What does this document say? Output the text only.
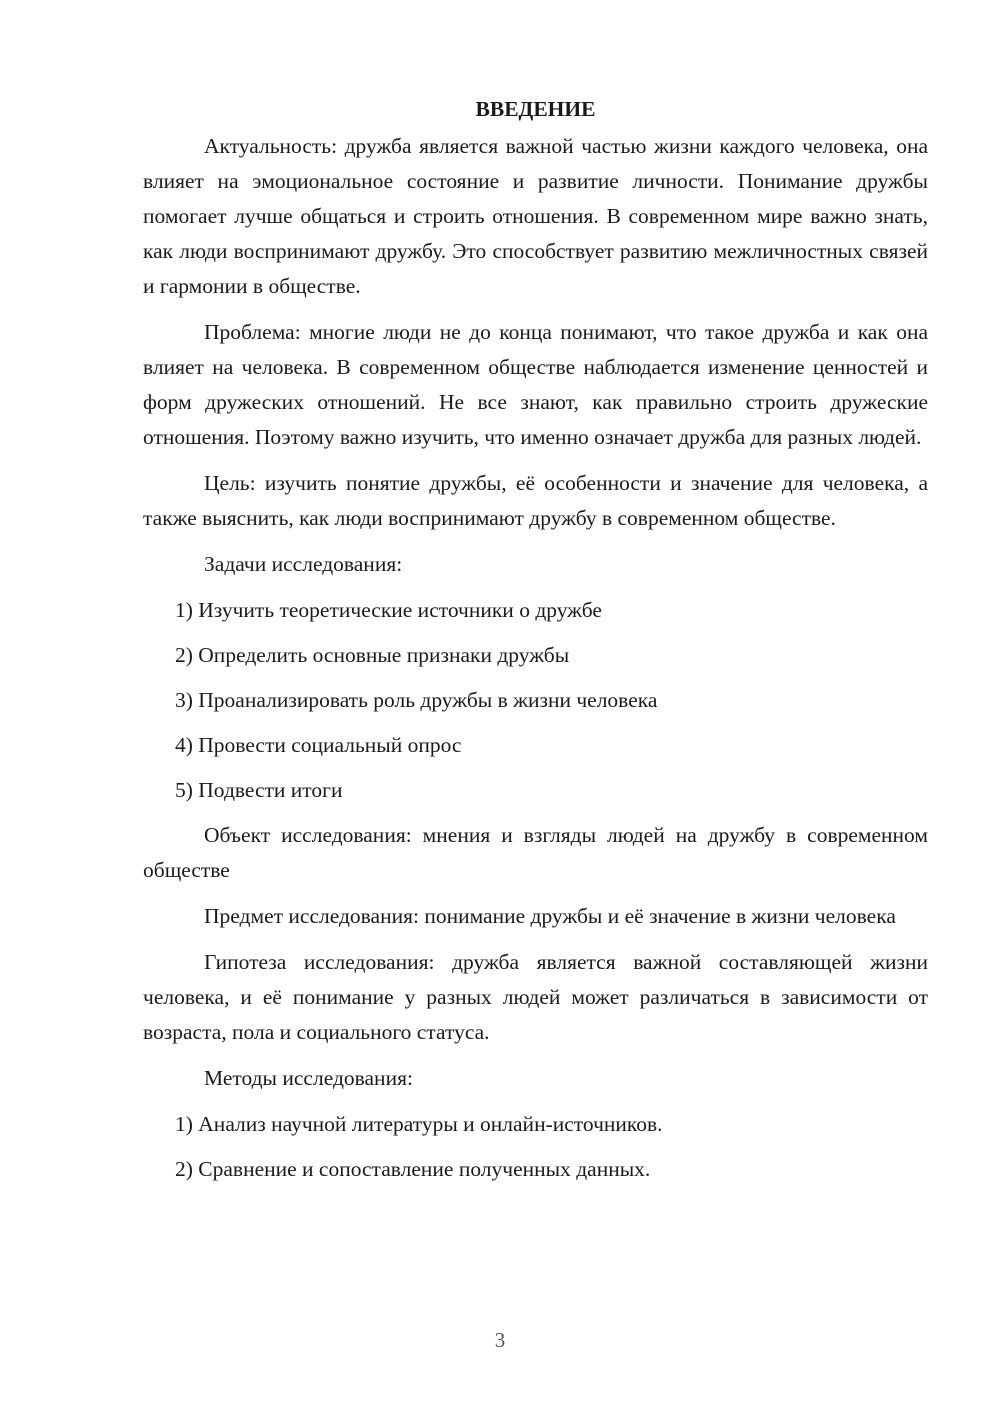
ВВЕДЕНИЕ

Актуальность: дружба является важной частью жизни каждого человека, она влияет на эмоциональное состояние и развитие личности. Понимание дружбы помогает лучше общаться и строить отношения. В современном мире важно знать, как люди воспринимают дружбу. Это способствует развитию межличностных связей и гармонии в обществе.

Проблема: многие люди не до конца понимают, что такое дружба и как она влияет на человека. В современном обществе наблюдается изменение ценностей и форм дружеских отношений. Не все знают, как правильно строить дружеские отношения. Поэтому важно изучить, что именно означает дружба для разных людей.

Цель: изучить понятие дружбы, её особенности и значение для человека, а также выяснить, как люди воспринимают дружбу в современном обществе.

Задачи исследования:

1) Изучить теоретические источники о дружбе
2) Определить основные признаки дружбы
3) Проанализировать роль дружбы в жизни человека
4) Провести социальный опрос
5) Подвести итоги

Объект исследования: мнения и взгляды людей на дружбу в современном обществе

Предмет исследования: понимание дружбы и её значение в жизни человека

Гипотеза исследования: дружба является важной составляющей жизни человека, и её понимание у разных людей может различаться в зависимости от возраста, пола и социального статуса.

Методы исследования:

1) Анализ научной литературы и онлайн-источников.
2) Сравнение и сопоставление полученных данных.
3
